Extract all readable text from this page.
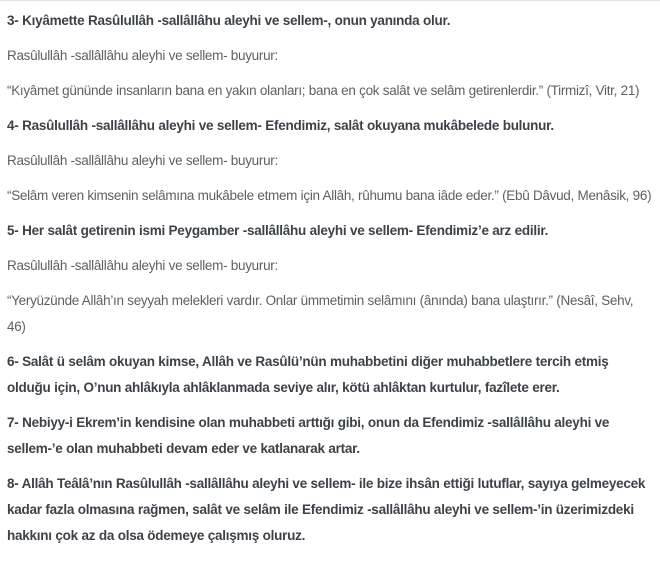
3- Kıyâmette Rasûlullâh -sallâllâhu aleyhi ve sellem-, onun yanında olur.

Rasûlullâh -sallâllâhu aleyhi ve sellem- buyurur:

“Kıyâmet gününde insanların bana en yakın olanları; bana en çok salât ve selâm getirenlerdir.” (Tirmizî, Vitr, 21)

4- Rasûlullâh -sallâllâhu aleyhi ve sellem- Efendimiz, salât okuyana mukâbelede bulunur.

Rasûlullâh -sallâllâhu aleyhi ve sellem- buyurur:

“Selâm veren kimsenin selâmına mukâbele etmem için Allâh, rûhumu bana iâde eder.” (Ebû Dâvud, Menâsik, 96)

5- Her salât getirenin ismi Peygamber -sallâllâhu aleyhi ve sellem- Efendimiz’e arz edilir.

Rasûlullâh -sallâllâhu aleyhi ve sellem- buyurur:

“Yeryüzünde Allâh’ın seyyah melekleri vardır. Onlar ümmetimin selâmını (ânında) bana ulaştırır.” (Nesâî, Sehv, 46)

6- Salât ü selâm okuyan kimse, Allâh ve Rasûlü’nün muhabbetini diğer muhabbetlere tercih etmiş olduğu için, O’nun ahlâkıyla ahlâklanmada seviye alır, kötü ahlâktan kurtulur, fazîlete erer.

7- Nebiyy-i Ekrem’in kendisine olan muhabbeti arttığı gibi, onun da Efendimiz -sallâllâhu aleyhi ve sellem-’e olan muhabbeti devam eder ve katlanarak artar.

8- Allâh Teâlâ’nın Rasûlullâh -sallâllâhu aleyhi ve sellem- ile bize ihsân ettiği lutuflar, sayıya gelmeyecek kadar fazla olmasına rağmen, salât ve selâm ile Efendimiz -sallâllâhu aleyhi ve sellem-’in üzerimizdeki hakkını çok az da olsa ödemeye çalışmış oluruz.
